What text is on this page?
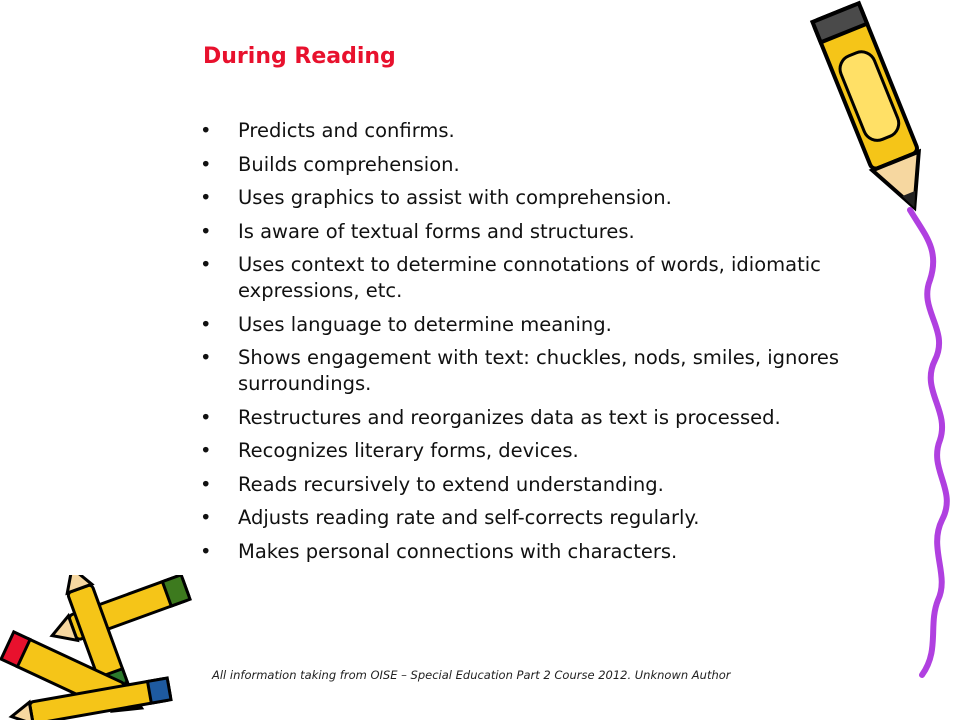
During Reading
•	Predicts and confirms.
•	Builds comprehension.
•	Uses graphics to assist with comprehension.
•	Is aware of textual forms and structures.
•	Uses context to determine connotations of words, idiomatic expressions, etc.
•	Uses language to determine meaning.
•	Shows engagement with text: chuckles, nods, smiles, ignores surroundings.
•	Restructures and reorganizes data as text is processed.
•	Recognizes literary forms, devices.
•	Reads recursively to extend understanding.
•	Adjusts reading rate and self-corrects regularly.
•	Makes personal connections with characters.
All information taking from OISE – Special Education Part 2 Course 2012. Unknown Author
